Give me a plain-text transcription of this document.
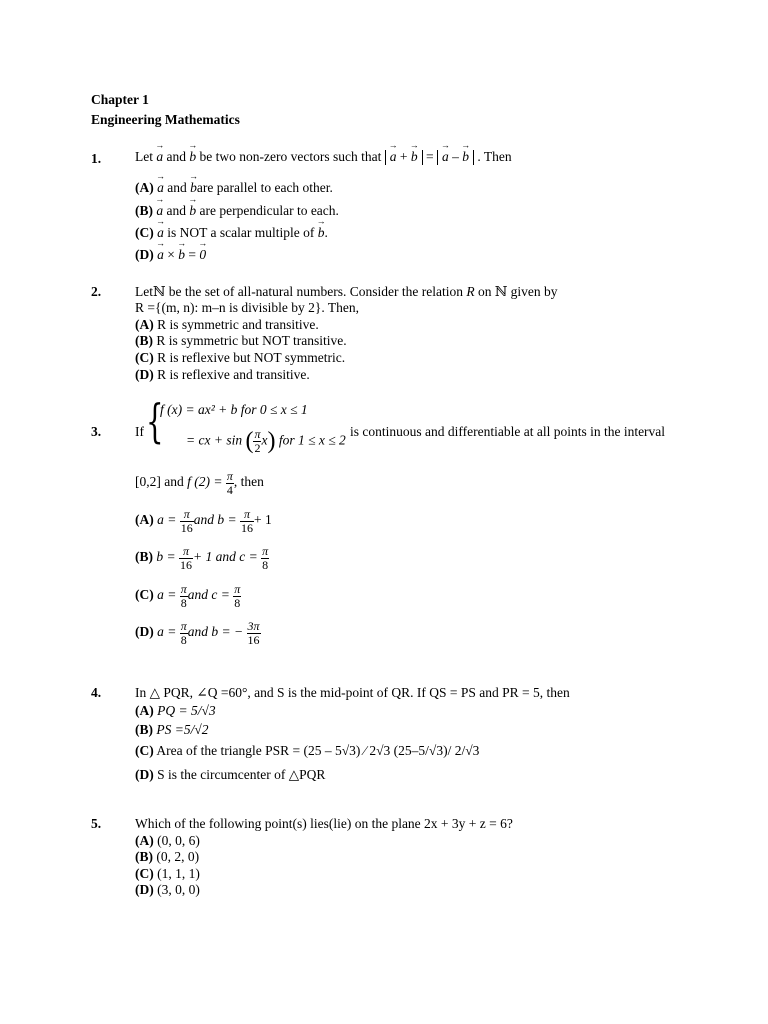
Chapter 1
Engineering Mathematics
1.	Let → a and → b be two non-zero vectors such that → a + → b = → a – → b . Then
(A) → a and → bare parallel to each other.
(B) → a and → b are perpendicular to each.
(C) → a is NOT a scalar multiple of → b.
(D) → a × → b = → 0
2.	Letℕ be the set of all-natural numbers. Consider the relation R on ℕ given by
R ={(m, n): m–n is divisible by 2}. Then,
(A) R is symmetric and transitive.
(B) R is symmetric but NOT transitive.
(C) R is reflexive but NOT symmetric.
(D) R is reflexive and transitive.
3.	If {
f (x) = ax² + b for 0 ≤ x ≤ 1
= cx + sin ( $\frac{\pi}{2} x$) for 1 ≤ x ≤ 2
is continuous and differentiable at all points in the interval
[0,2] and f $(2) = \frac{\pi}{4}$ , then
(A) $a = \frac{\pi}{16}$ and $b = \frac{\pi}{16} + 1$
(B) $b = \frac{\pi}{16} + 1$ and $c = \frac{\pi}{8}$
(C) $a = \frac{\pi}{8}$ and $c = \frac{\pi}{8}$
(D) $a = \frac{\pi}{8}$ and b = − $\frac{3\pi}{16}$
4.	In △ PQR, ∠Q =60°, and S is the mid-point of QR. If QS = PS and PR = 5, then
(A) PQ = 5/√3
(B) PS =5/√2
(C) Area of the triangle PSR = (25 – 5√3) ∕ 2√3 (25–5/√3)/ 2/√3
(D) S is the circumcenter of △PQR
5.	Which of the following point(s) lies(lie) on the plane 2x + 3y + z = 6?
(A) (0, 0, 6)
(B) (0, 2, 0)
(C) (1, 1, 1)
(D) (3, 0, 0)
